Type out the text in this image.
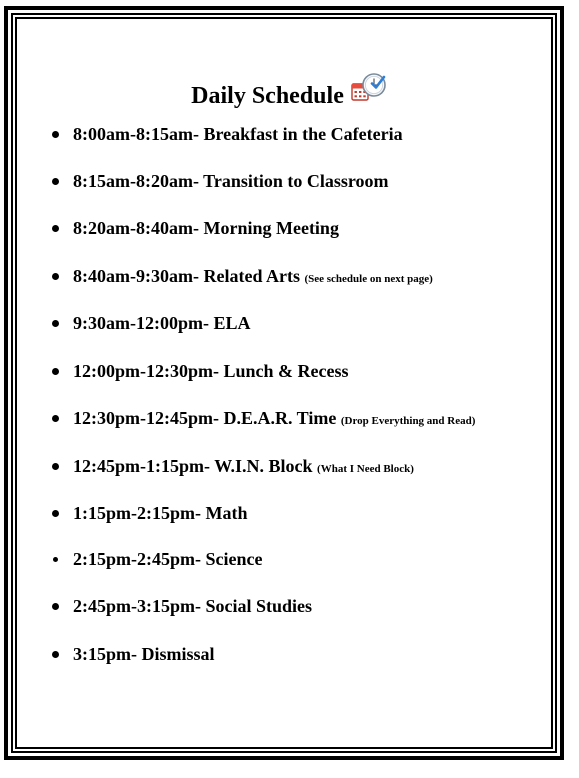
Daily Schedule
8:00am-8:15am- Breakfast in the Cafeteria
8:15am-8:20am- Transition to Classroom
8:20am-8:40am- Morning Meeting
8:40am-9:30am- Related Arts (See schedule on next page)
9:30am-12:00pm- ELA
12:00pm-12:30pm- Lunch & Recess
12:30pm-12:45pm- D.E.A.R. Time (Drop Everything and Read)
12:45pm-1:15pm- W.I.N. Block (What I Need Block)
1:15pm-2:15pm- Math
2:15pm-2:45pm- Science
2:45pm-3:15pm- Social Studies
3:15pm- Dismissal
